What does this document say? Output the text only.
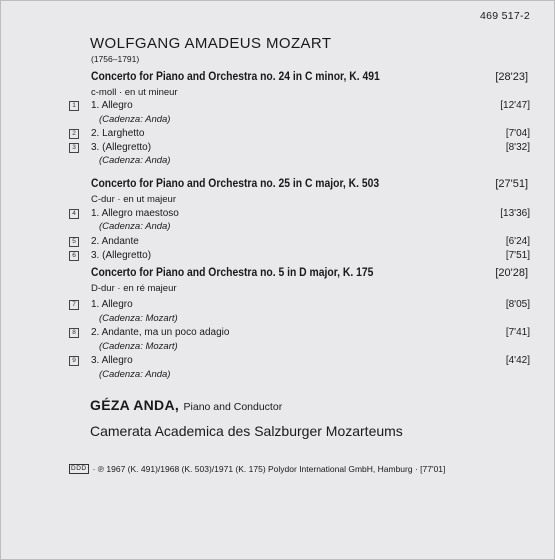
469 517-2
WOLFGANG AMADEUS MOZART
(1756–1791)
Concerto for Piano and Orchestra no. 24 in C minor, K. 491	[28'23]
c-moll · en ut mineur
1	1. Allegro	[12'47]
(Cadenza: Anda)
2	2. Larghetto	[7'04]
3	3. (Allegretto)	[8'32]
(Cadenza: Anda)
Concerto for Piano and Orchestra no. 25 in C major, K. 503	[27'51]
C-dur · en ut majeur
4	1. Allegro maestoso	[13'36]
(Cadenza: Anda)
5	2. Andante	[6'24]
6	3. (Allegretto)	[7'51]
Concerto for Piano and Orchestra no. 5 in D major, K. 175	[20'28]
D-dur · en ré majeur
7	1. Allegro	[8'05]
(Cadenza: Mozart)
8	2. Andante, ma un poco adagio	[7'41]
(Cadenza: Mozart)
9	3. Allegro	[4'42]
(Cadenza: Anda)
GÉZA ANDA, Piano and Conductor
Camerata Academica des Salzburger Mozarteums
DDD · ℗ 1967 (K. 491)/1968 (K. 503)/1971 (K. 175) Polydor International GmbH, Hamburg · [77'01]
